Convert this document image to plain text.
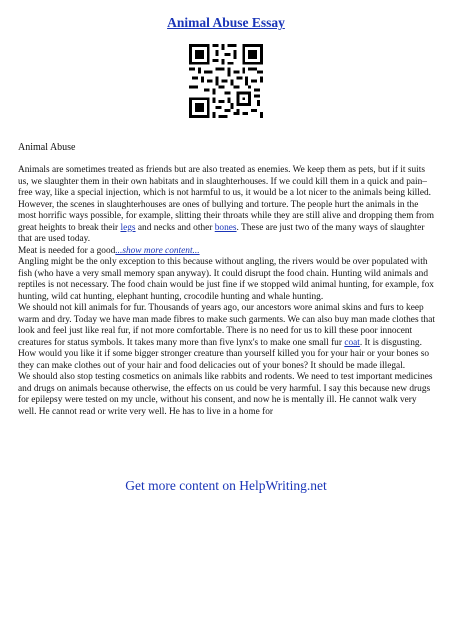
Animal Abuse Essay
Animal Abuse

Animals are sometimes treated as friends but are also treated as enemies. We keep them as pets, but if it suits us, we slaughter them in their own habitats and in slaughterhouses. If we could kill them in a quick and pain–free way, like a special injection, which is not harmful to us, it would be a lot nicer to the animals being killed. However, the scenes in slaughterhouses are ones of bullying and torture. The people hurt the animals in the most horrific ways possible, for example, slitting their throats while they are still alive and dropping them from great heights to break their legs and necks and other bones. These are just two of the many ways of slaughter that are used today.

Meat is needed for a good...show more content...

Angling might be the only exception to this because without angling, the rivers would be over populated with fish (who have a very small memory span anyway). It could disrupt the food chain. Hunting wild animals and reptiles is not necessary. The food chain would be just fine if we stopped wild animal hunting, for example, fox hunting, wild cat hunting, elephant hunting, crocodile hunting and whale hunting.

We should not kill animals for fur. Thousands of years ago, our ancestors wore animal skins and furs to keep warm and dry. Today we have man made fibres to make such garments. We can also buy man made clothes that look and feel just like real fur, if not more comfortable. There is no need for us to kill these poor innocent creatures for status symbols. It takes many more than five lynx's to make one small fur coat. It is disgusting. How would you like it if some bigger stronger creature than yourself killed you for your hair or your bones so they can make clothes out of your hair and food delicacies out of your bones? It should be made illegal.

We should also stop testing cosmetics on animals like rabbits and rodents. We need to test important medicines and drugs on animals because otherwise, the effects on us could be very harmful. I say this because new drugs for epilepsy were tested on my uncle, without his consent, and now he is mentally ill. He cannot walk very well. He cannot read or write very well. He has to live in a home for

Get more content on HelpWriting.net
